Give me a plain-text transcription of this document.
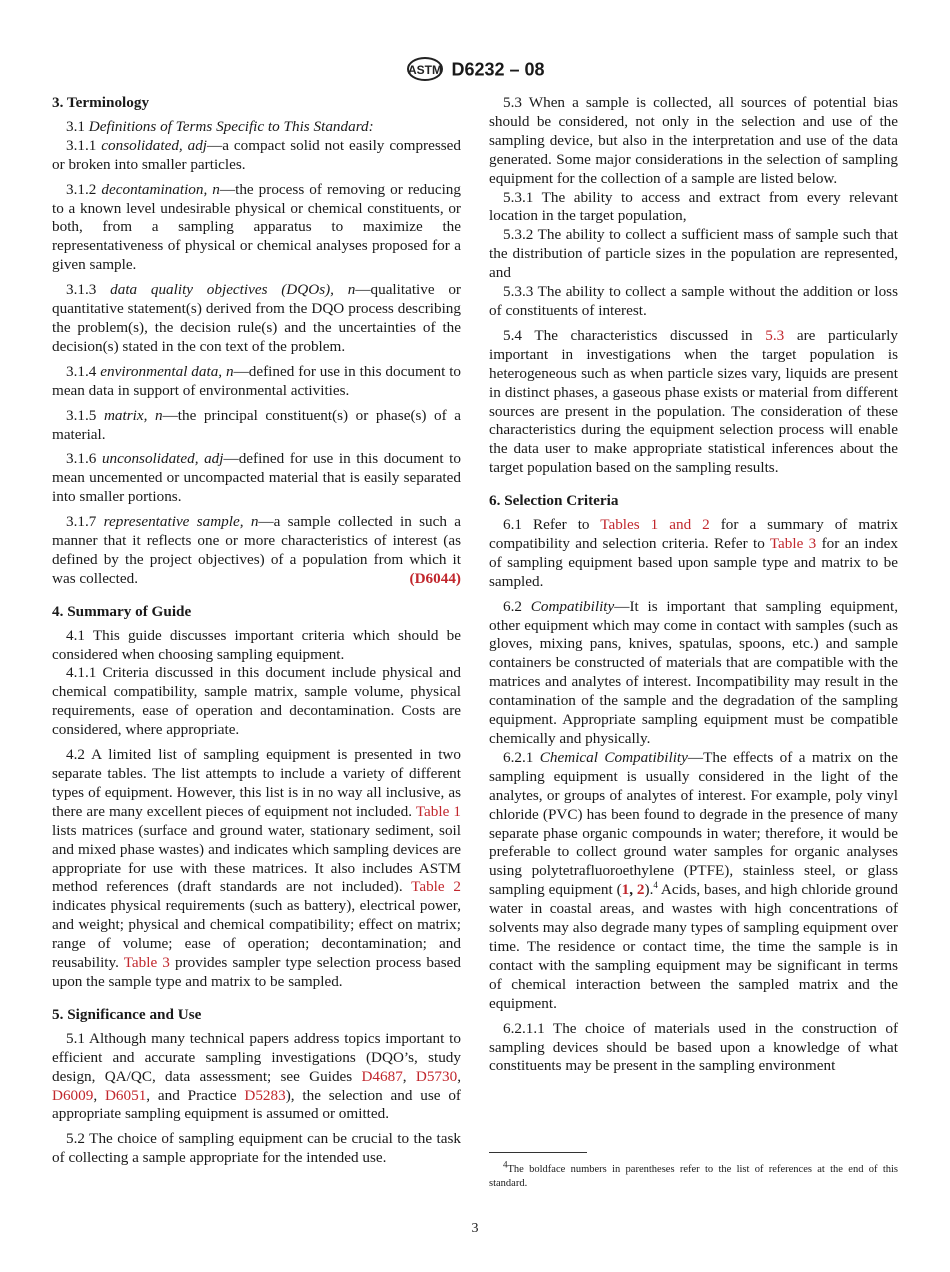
ASTM D6232 – 08
3. Terminology

3.1 Definitions of Terms Specific to This Standard:

3.1.1 consolidated, adj—a compact solid not easily compressed or broken into smaller particles.

3.1.2 decontamination, n—the process of removing or reducing to a known level undesirable physical or chemical constituents, or both, from a sampling apparatus to maximize the representativeness of physical or chemical analyses proposed for a given sample.

3.1.3 data quality objectives (DQOs), n—qualitative or quantitative statement(s) derived from the DQO process describing the problem(s), the decision rule(s) and the uncertainties of the decision(s) stated in the con text of the problem.

3.1.4 environmental data, n—defined for use in this document to mean data in support of environmental activities.

3.1.5 matrix, n—the principal constituent(s) or phase(s) of a material.

3.1.6 unconsolidated, adj—defined for use in this document to mean uncemented or uncompacted material that is easily separated into smaller portions.

3.1.7 representative sample, n—a sample collected in such a manner that it reflects one or more characteristics of interest (as defined by the project objectives) of a population from which it was collected.	(D6044)

4. Summary of Guide

4.1 This guide discusses important criteria which should be considered when choosing sampling equipment.

4.1.1 Criteria discussed in this document include physical and chemical compatibility, sample matrix, sample volume, physical requirements, ease of operation and decontamination. Costs are considered, where appropriate.

4.2 A limited list of sampling equipment is presented in two separate tables. The list attempts to include a variety of different types of equipment. However, this list is in no way all inclusive, as there are many excellent pieces of equipment not included. Table 1 lists matrices (surface and ground water, stationary sediment, soil and mixed phase wastes) and indicates which sampling devices are appropriate for use with these matrices. It also includes ASTM method references (draft standards are not included). Table 2 indicates physical requirements (such as battery), electrical power, and weight; physical and chemical compatibility; effect on matrix; range of volume; ease of operation; decontamination; and reusability. Table 3 provides sampler type selection process based upon the sample type and matrix to be sampled.

5. Significance and Use

5.1 Although many technical papers address topics important to efficient and accurate sampling investigations (DQO’s, study design, QA/QC, data assessment; see Guides D4687, D5730, D6009, D6051, and Practice D5283), the selection and use of appropriate sampling equipment is assumed or omitted.

5.2 The choice of sampling equipment can be crucial to the task of collecting a sample appropriate for the intended use.

5.3 When a sample is collected, all sources of potential bias should be considered, not only in the selection and use of the sampling device, but also in the interpretation and use of the data generated. Some major considerations in the selection of sampling equipment for the collection of a sample are listed below.

5.3.1 The ability to access and extract from every relevant location in the target population,

5.3.2 The ability to collect a sufficient mass of sample such that the distribution of particle sizes in the population are represented, and

5.3.3 The ability to collect a sample without the addition or loss of constituents of interest.

5.4 The characteristics discussed in 5.3 are particularly important in investigations when the target population is heterogeneous such as when particle sizes vary, liquids are present in distinct phases, a gaseous phase exists or material from different sources are present in the population. The consideration of these characteristics during the equipment selection process will enable the data user to make appropriate statistical inferences about the target population based on the sampling results.

6. Selection Criteria

6.1 Refer to Tables 1 and 2 for a summary of matrix compatibility and selection criteria. Refer to Table 3 for an index of sampling equipment based upon sample type and matrix to be sampled.

6.2 Compatibility—It is important that sampling equipment, other equipment which may come in contact with samples (such as gloves, mixing pans, knives, spatulas, spoons, etc.) and sample containers be constructed of materials that are compatible with the matrices and analytes of interest. Incompatibility may result in the contamination of the sample and the degradation of the sampling equipment. Appropriate sampling equipment must be compatible chemically and physically.

6.2.1 Chemical Compatibility—The effects of a matrix on the sampling equipment is usually considered in the light of the analytes, or groups of analytes of interest. For example, poly vinyl chloride (PVC) has been found to degrade in the presence of many separate phase organic compounds in water; therefore, it would be preferable to collect ground water samples for organic analyses using polytetrafluoroethylene (PTFE), stainless steel, or glass sampling equipment (1, 2).$^4$ Acids, bases, and high chloride ground water in coastal areas, and wastes with high concentrations of solvents may also degrade many types of sampling equipment over time. The residence or contact time, the time the sample is in contact with the sampling equipment may be significant in terms of chemical interaction between the sampled matrix and the equipment.

6.2.1.1 The choice of materials used in the construction of sampling devices should be based upon a knowledge of what constituents may be present in the sampling environment

4The boldface numbers in parentheses refer to the list of references at the end of this standard.
3
